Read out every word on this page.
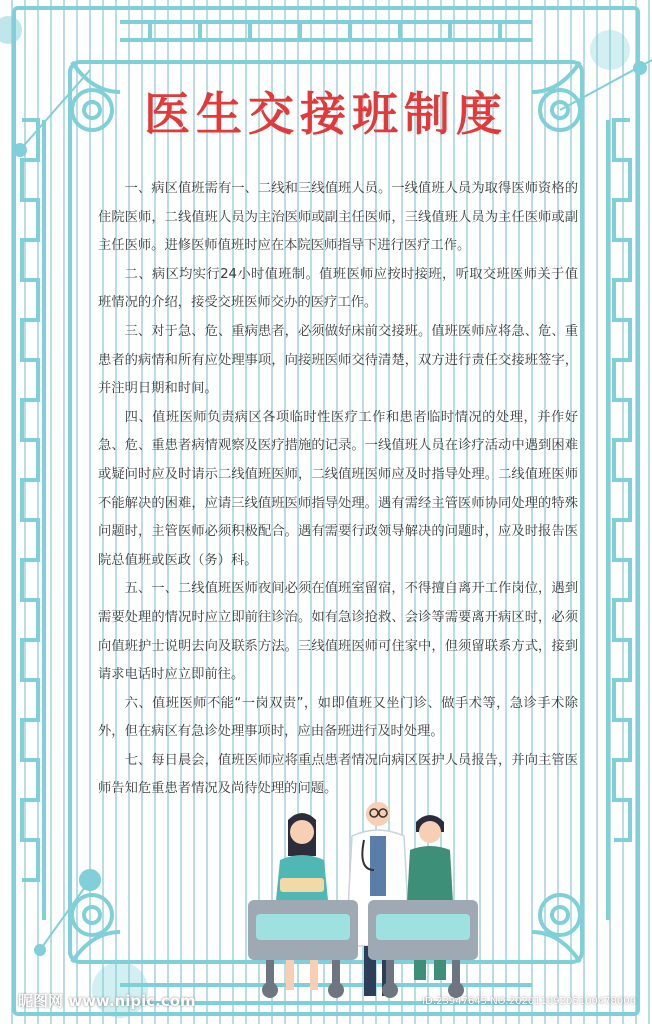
医生交接班制度

一、病区值班需有一、二线和三线值班人员。一线值班人员为取得医师资格的住院医师，二线值班人员为主治医师或副主任医师，三线值班人员为主任医师或副主任医师。进修医师值班时应在本院医师指导下进行医疗工作。

二、病区均实行24小时值班制。值班医师应按时接班，听取交班医师关于值班情况的介绍，接受交班医师交办的医疗工作。

三、对于急、危、重病患者，必须做好床前交接班。值班医师应将急、危、重患者的病情和所有应处理事项，向接班医师交待清楚，双方进行责任交接班签字，并注明日期和时间。

四、值班医师负责病区各项临时性医疗工作和患者临时情况的处理，并作好急、危、重患者病情观察及医疗措施的记录。一线值班人员在诊疗活动中遇到困难或疑问时应及时请示二线值班医师，二线值班医师应及时指导处理。二线值班医师不能解决的困难，应请三线值班医师指导处理。遇有需经主管医师协同处理的特殊问题时，主管医师必须积极配合。遇有需要行政领导解决的问题时，应及时报告医院总值班或医政（务）科。

五、一、二线值班医师夜间必须在值班室留宿，不得擅自离开工作岗位，遇到需要处理的情况时应立即前往诊治。如有急诊抢救、会诊等需要离开病区时，必须向值班护士说明去向及联系方法。三线值班医师可住家中，但须留联系方式，接到请求电话时应立即前往。

六、值班医师不能“一岗双责”，如即值班又坐门诊、做手术等，急诊手术除外，但在病区有急诊处理事项时，应由备班进行及时处理。

七、每日晨会，值班医师应将重点患者情况向病区医护人员报告，并向主管医师告知危重患者情况及尚待处理的问题。

昵图网 www.nipic.com	ID:23947643 NO:20201109205100478000
